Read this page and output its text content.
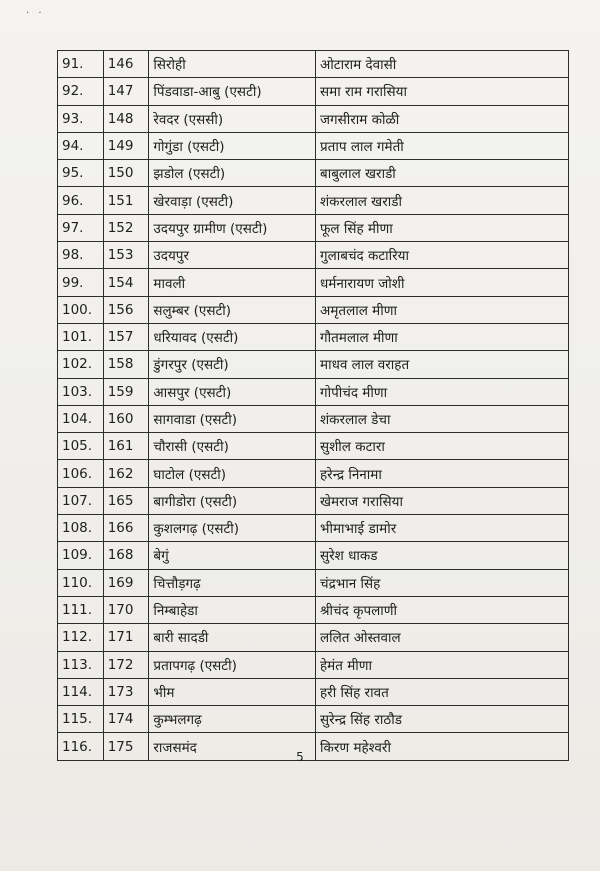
· ·
91.	146	सिरोही	ओटाराम देवासी
92.	147	पिंडवाडा-आबु (एसटी)	समा राम गरासिया
93.	148	रेवदर (एससी)	जगसीराम कोळी
94.	149	गोगुंडा (एसटी)	प्रताप लाल गमेती
95.	150	झडोल (एसटी)	बाबुलाल खराडी
96.	151	खेरवाड़ा (एसटी)	शंकरलाल खराडी
97.	152	उदयपुर ग्रामीण (एसटी)	फूल सिंह मीणा
98.	153	उदयपुर	गुलाबचंद कटारिया
99.	154	मावली	धर्मनारायण जोशी
100.	156	सलुम्बर (एसटी)	अमृतलाल मीणा
101.	157	धरियावद (एसटी)	गौतमलाल मीणा
102.	158	डुंगरपुर (एसटी)	माधव लाल वराहत
103.	159	आसपुर (एसटी)	गोपीचंद मीणा
104.	160	सागवाडा (एसटी)	शंकरलाल डेचा
105.	161	चौरासी (एसटी)	सुशील कटारा
106.	162	घाटोल (एसटी)	हरेन्द्र निनामा
107.	165	बागीडोरा (एसटी)	खेमराज गरासिया
108.	166	कुशलगढ़ (एसटी)	भीमाभाई डामोर
109.	168	बेगुं	सुरेश धाकड
110.	169	चित्तौड़गढ़	चंद्रभान सिंह
111.	170	निम्बाहेडा	श्रीचंद कृपलाणी
112.	171	बारी सादडी	ललित ओस्तवाल
113.	172	प्रतापगढ़ (एसटी)	हेमंत मीणा
114.	173	भीम	हरी सिंह रावत
115.	174	कुम्भलगढ़	सुरेन्द्र सिंह राठौड
116.	175	राजसमंद	किरण महेश्वरी
5
